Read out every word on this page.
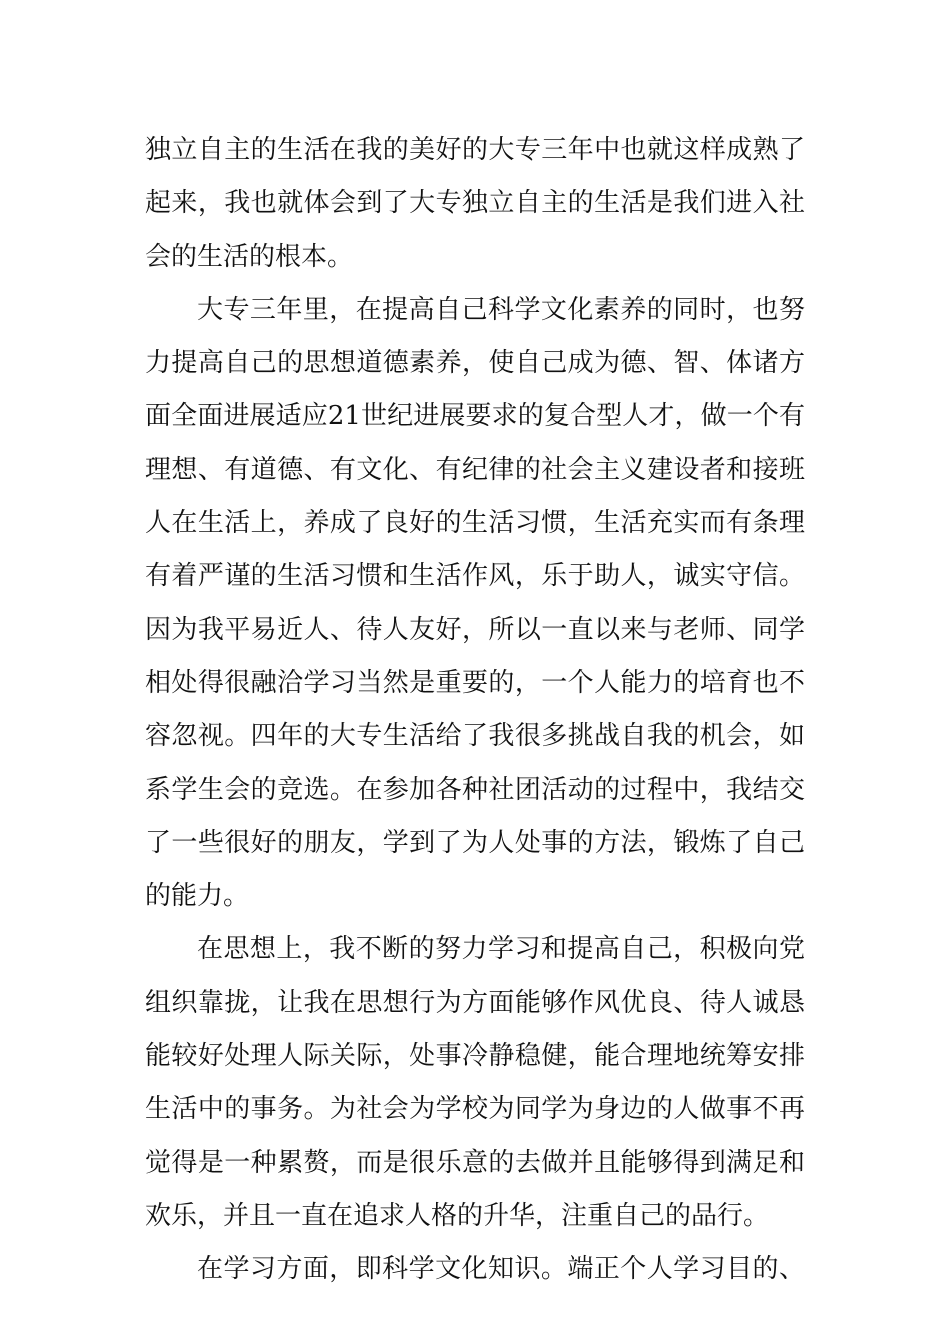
独立自主的生活在我的美好的大专三年中也就这样成熟了
起来，我也就体会到了大专独立自主的生活是我们进入社
会的生活的根本。
大专三年里，在提高自己科学文化素养的同时，也努
力提高自己的思想道德素养，使自己成为德、智、体诸方
面全面进展适应21世纪进展要求的复合型人才，做一个有
理想、有道德、有文化、有纪律的社会主义建设者和接班
人在生活上，养成了良好的生活习惯，生活充实而有条理
有着严谨的生活习惯和生活作风，乐于助人，诚实守信。
因为我平易近人、待人友好，所以一直以来与老师、同学
相处得很融洽学习当然是重要的，一个人能力的培育也不
容忽视。四年的大专生活给了我很多挑战自我的机会，如
系学生会的竞选。在参加各种社团活动的过程中，我结交
了一些很好的朋友，学到了为人处事的方法，锻炼了自己
的能力。
在思想上，我不断的努力学习和提高自己，积极向党
组织靠拢，让我在思想行为方面能够作风优良、待人诚恳
能较好处理人际关际，处事冷静稳健，能合理地统筹安排
生活中的事务。为社会为学校为同学为身边的人做事不再
觉得是一种累赘，而是很乐意的去做并且能够得到满足和
欢乐，并且一直在追求人格的升华，注重自己的品行。
在学习方面，即科学文化知识。端正个人学习目的、
